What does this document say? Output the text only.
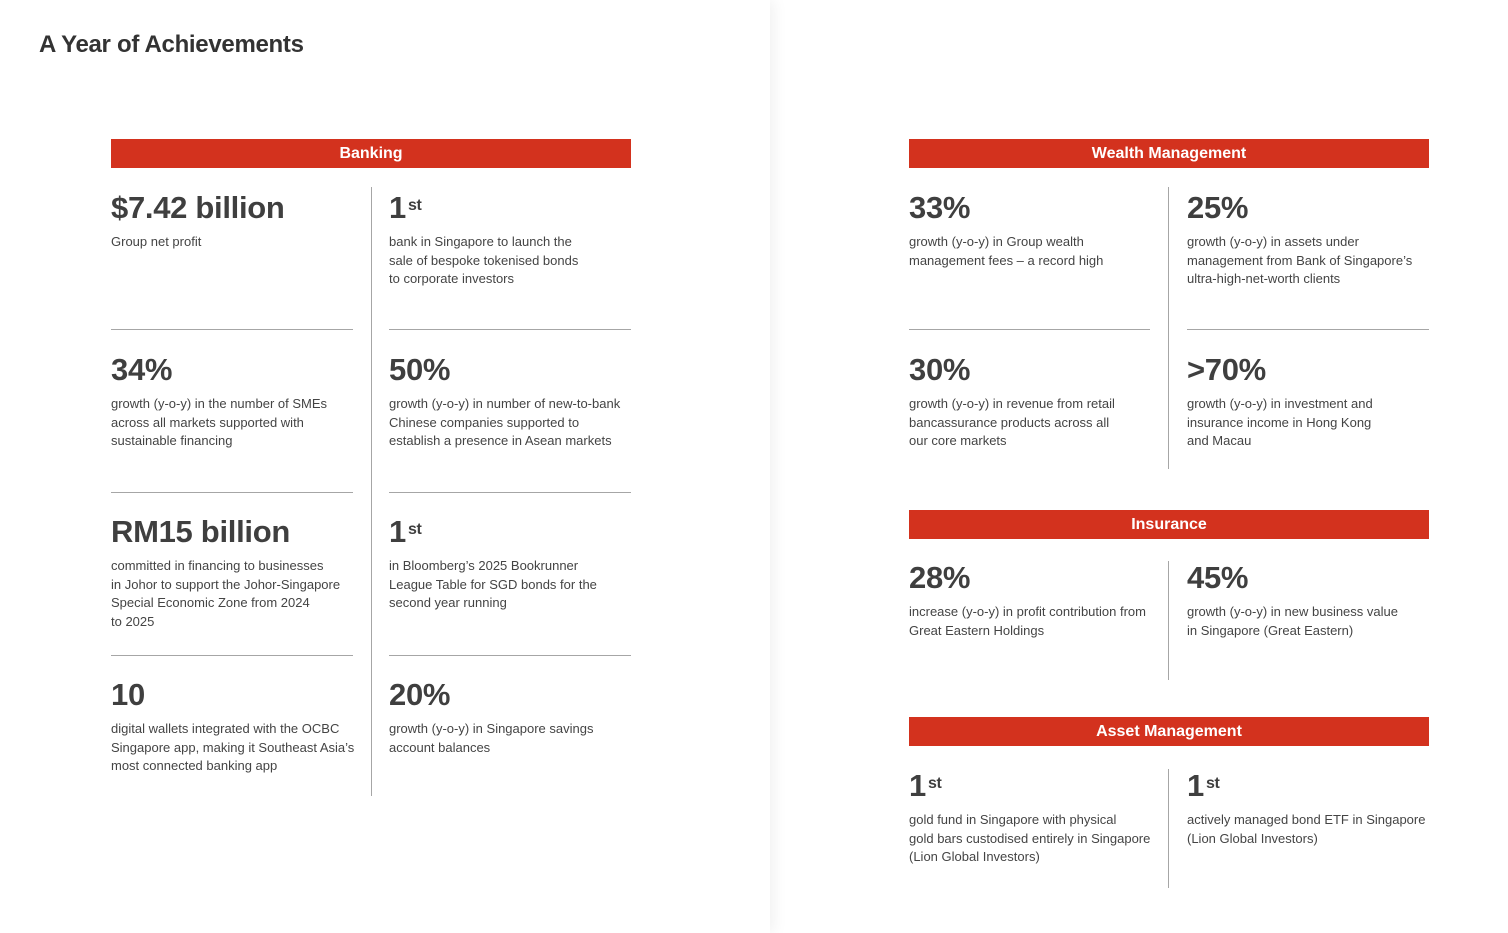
A Year of Achievements
Banking

$7.42 billion

Group net profit

1 $^{st}$

bank in Singapore to launch the
sale of bespoke tokenised bonds
to corporate investors

34%

growth (y-o-y) in the number of SMEs
across all markets supported with
sustainable financing

50%

growth (y-o-y) in number of new-to-bank
Chinese companies supported to
establish a presence in Asean markets

RM15 billion

committed in financing to businesses
in Johor to support the Johor-Singapore
Special Economic Zone from 2024
to 2025

1 $^{st}$

in Bloomberg’s 2025 Bookrunner
League Table for SGD bonds for the
second year running

10

digital wallets integrated with the OCBC
Singapore app, making it Southeast Asia’s
most connected banking app

20%

growth (y-o-y) in Singapore savings
account balances

Wealth Management

33%

growth (y-o-y) in Group wealth
management fees – a record high

25%

growth (y-o-y) in assets under
management from Bank of Singapore’s
ultra-high-net-worth clients

30%

growth (y-o-y) in revenue from retail
bancassurance products across all
our core markets

>70%

growth (y-o-y) in investment and
insurance income in Hong Kong
and Macau

Insurance

28%

increase (y-o-y) in profit contribution from
Great Eastern Holdings

45%

growth (y-o-y) in new business value
in Singapore (Great Eastern)

Asset Management

1 $^{st}$

gold fund in Singapore with physical
gold bars custodised entirely in Singapore
(Lion Global Investors)

1 $^{st}$

actively managed bond ETF in Singapore
(Lion Global Investors)
